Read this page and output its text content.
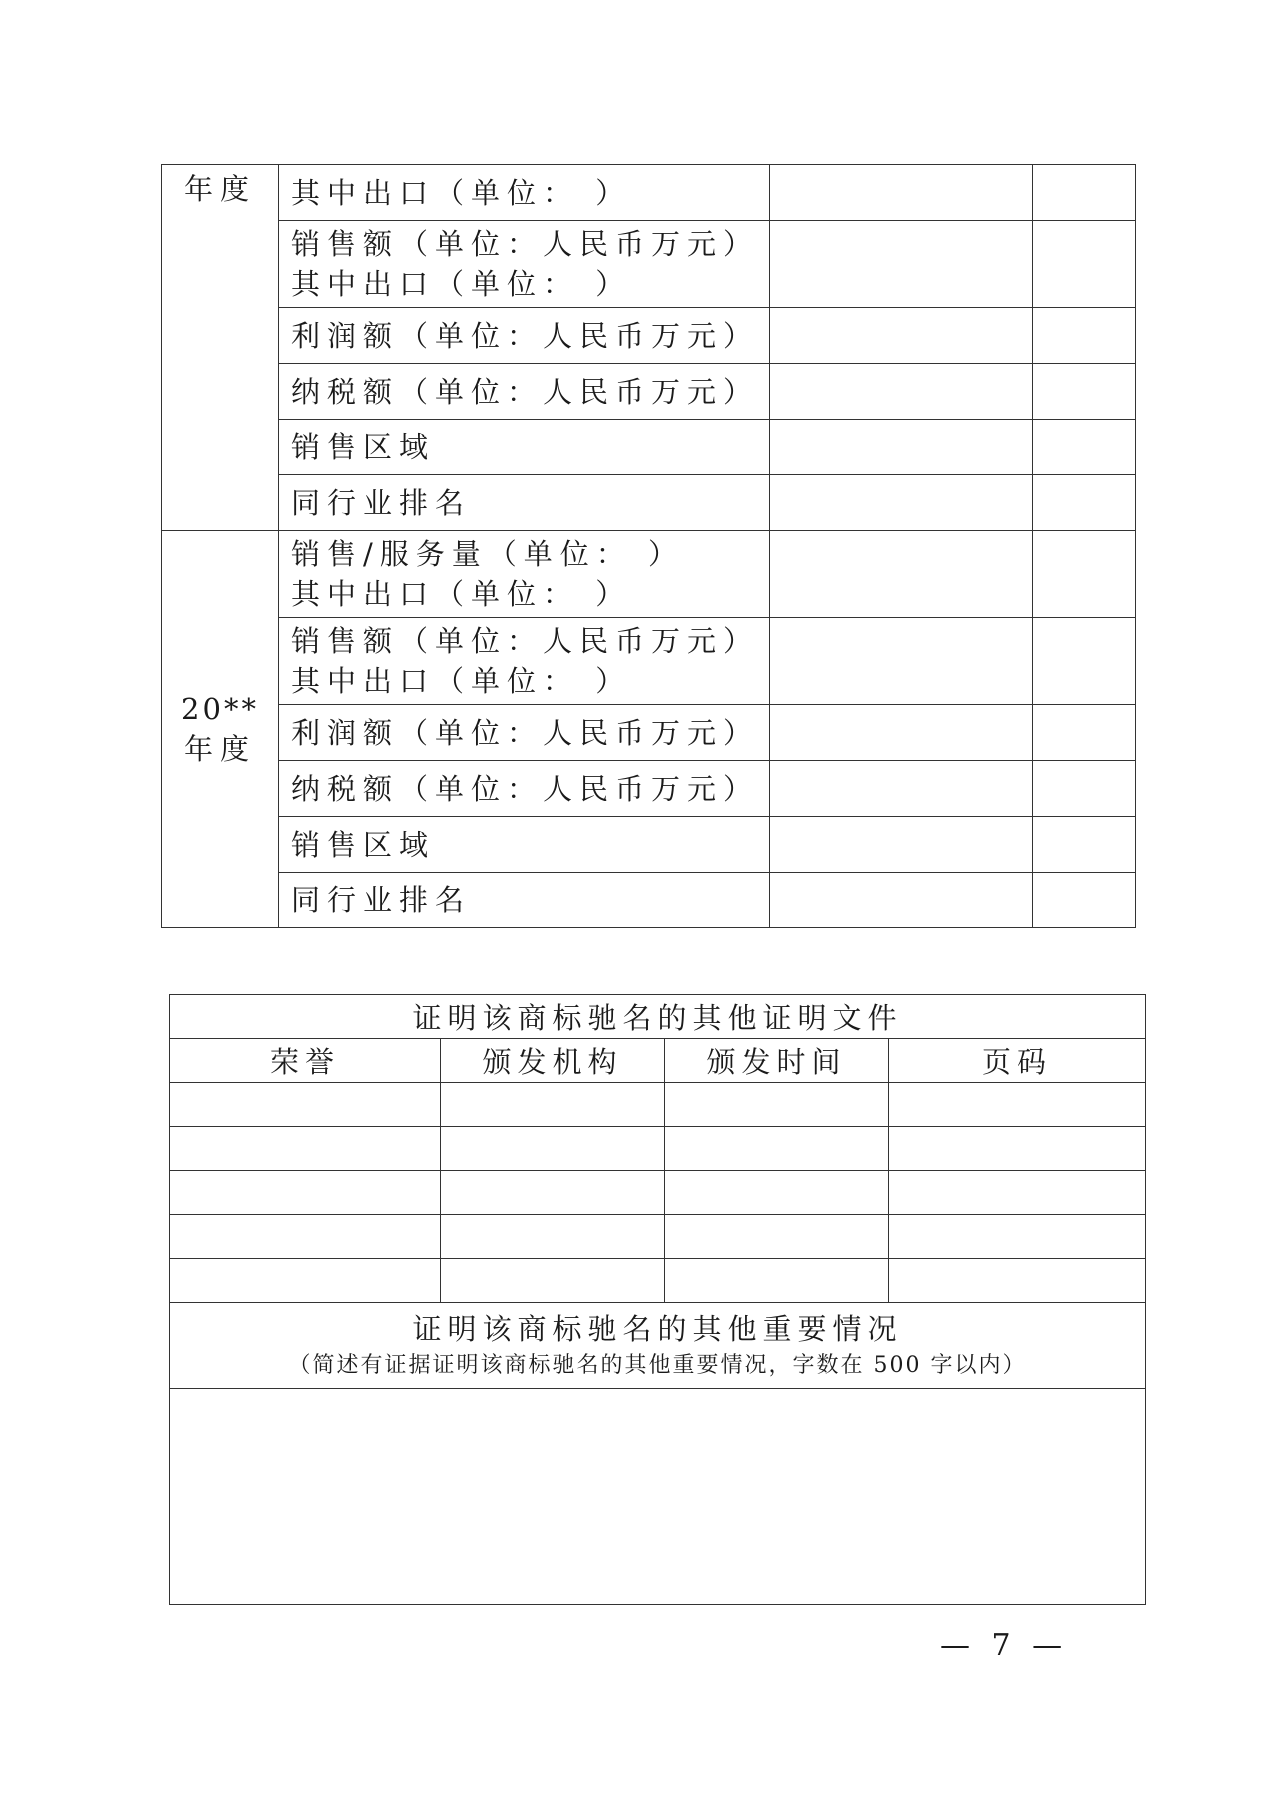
年度	其中出口（单位： ）		

	销售额（单位：人民币万元）
其中出口（单位： ）		

	利润额（单位：人民币万元）		

	纳税额（单位：人民币万元）		

	销售区域		

	同行业排名		

20**
年度	销售/服务量（单位： ）
其中出口（单位： ）		

	销售额（单位：人民币万元）
其中出口（单位： ）		

	利润额（单位：人民币万元）		

	纳税额（单位：人民币万元）		

	销售区域		

	同行业排名		

证明该商标驰名的其他证明文件			
荣誉	颁发机构	颁发时间	页码

证明该商标驰名的其他重要情况
（简述有证据证明该商标驰名的其他重要情况，字数在 500 字以内）			

— 7 —
